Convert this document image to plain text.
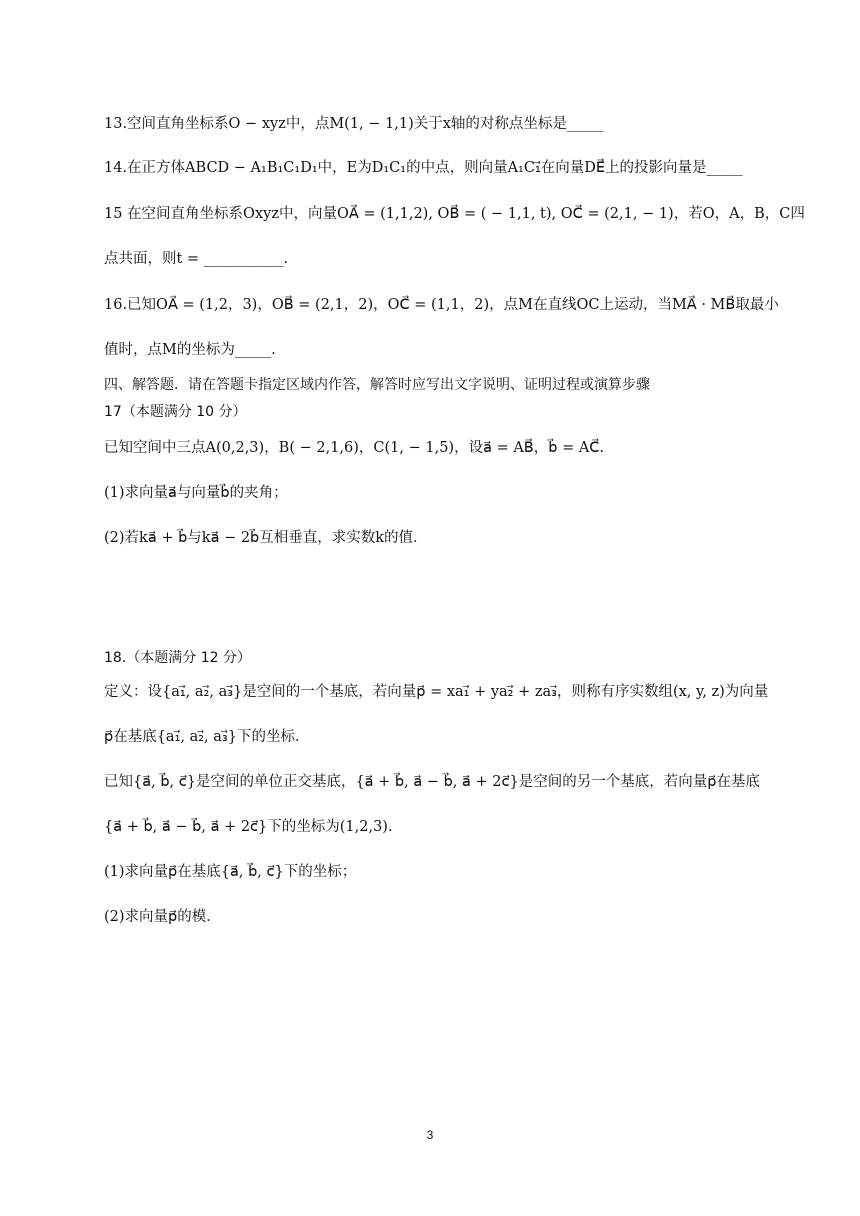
13.空间直角坐标系O − xyz中，点M(1, − 1,1)关于x轴的对称点坐标是_____
14.在正方体ABCD − A₁B₁C₁D₁中，E为D₁C₁的中点，则向量A₁C₁⃗在向量DE⃗上的投影向量是_____
15 在空间直角坐标系Oxyz中，向量OA⃗ = (1,1,2), OB⃗ = ( − 1,1, t), OC⃗ = (2,1, − 1)，若O，A，B，C四
点共面，则t = ___________.
16.已知OA⃗ = (1,2，3)，OB⃗ = (2,1，2)，OC⃗ = (1,1，2)，点M在直线OC上运动，当MA⃗ · MB⃗取最小
值时，点M的坐标为_____.
四、解答题．请在答题卡指定区域内作答，解答时应写出文字说明、证明过程或演算步骤
17（本题满分 10 分）
已知空间中三点A(0,2,3)，B( − 2,1,6)，C(1, − 1,5)，设a⃗ = AB⃗，b⃗ = AC⃗.
(1)求向量a⃗与向量b⃗的夹角；
(2)若ka⃗ + b⃗与ka⃗ − 2b⃗互相垂直，求实数k的值．
18.（本题满分 12 分）
定义：设{a₁⃗, a₂⃗, a₃⃗}是空间的一个基底，若向量p⃗ = xa₁⃗ + ya₂⃗ + za₃⃗，则称有序实数组(x, y, z)为向量
p⃗在基底{a₁⃗, a₂⃗, a₃⃗}下的坐标．
已知{a⃗, b⃗, c⃗}是空间的单位正交基底，{a⃗ + b⃗, a⃗ − b⃗, a⃗ + 2c⃗}是空间的另一个基底，若向量p⃗在基底
{a⃗ + b⃗, a⃗ − b⃗, a⃗ + 2c⃗}下的坐标为(1,2,3).
(1)求向量p⃗在基底{a⃗, b⃗, c⃗}下的坐标；
(2)求向量p⃗的模．
3
